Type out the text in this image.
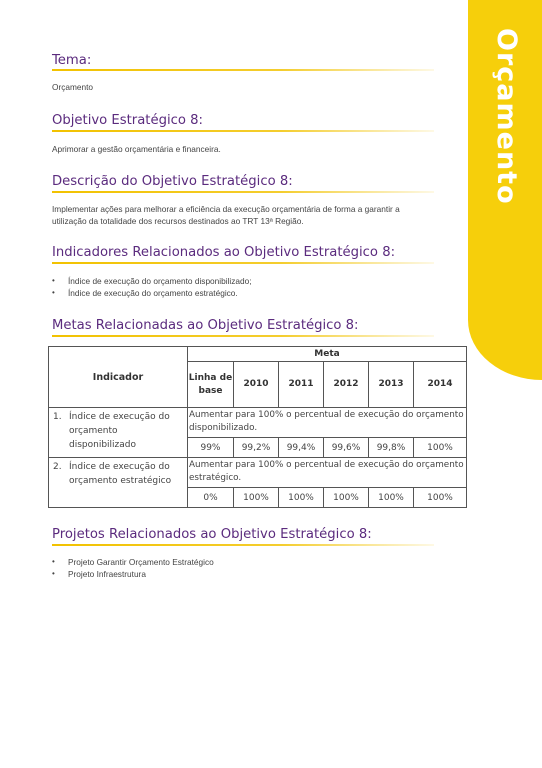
Orçamento
Tema:

Orçamento

Objetivo Estratégico 8:

Aprimorar a gestão orçamentária e financeira.

Descrição do Objetivo Estratégico 8:

Implementar ações para melhorar a eficiência da execução orçamentária de forma a garantir a
utilização da totalidade dos recursos destinados ao TRT 13ª Região.

Indicadores Relacionados ao Objetivo Estratégico 8:
• Índice de execução do orçamento disponibilizado;
• Índice de execução do orçamento estratégico.
Metas Relacionadas ao Objetivo Estratégico 8:
Indicador	Meta					
	Linha de base	2010	2011	2012	2013	2014

1. Índice de execução do orçamento disponibilizado	Aumentar para 100% o percentual de execução do orçamento disponibilizado.					
	99%	99,2%	99,4%	99,6%	99,8%	100%

2. Índice de execução do orçamento estratégico	Aumentar para 100% o percentual de execução do orçamento estratégico.					
	0%	100%	100%	100%	100%	100%
Projetos Relacionados ao Objetivo Estratégico 8:
• Projeto Garantir Orçamento Estratégico
• Projeto Infraestrutura
